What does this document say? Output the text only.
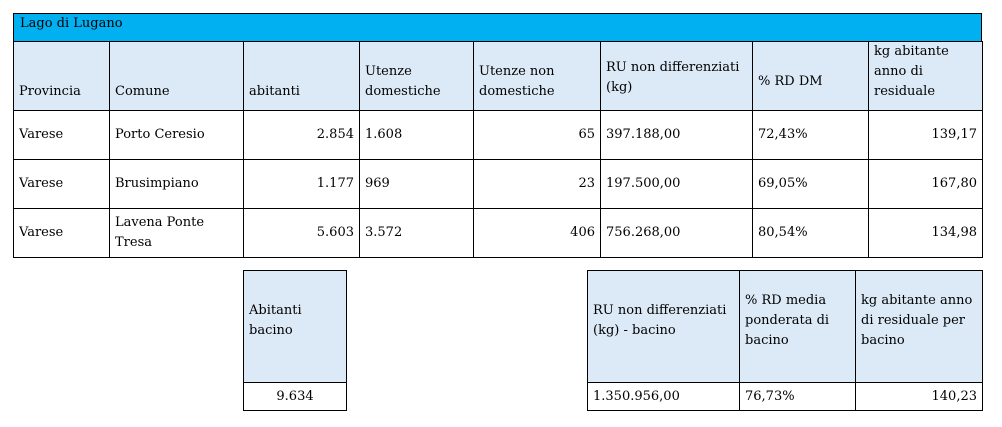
Lago di Lugano
Provincia	Comune	abitanti	Utenze domestiche	Utenze non domestiche	RU non differenziati (kg)	% RD DM	kg abitante anno di residuale
Varese	Porto Ceresio	2.854	1.608	65	397.188,00	72,43%	139,17
Varese	Brusimpiano	1.177	969	23	197.500,00	69,05%	167,80
Varese	Lavena Ponte Tresa	5.603	3.572	406	756.268,00	80,54%	134,98
Abitanti bacino
9.634
RU non differenziati (kg) - bacino	% RD media ponderata di bacino	kg abitante anno di residuale per bacino
1.350.956,00	76,73%	140,23
